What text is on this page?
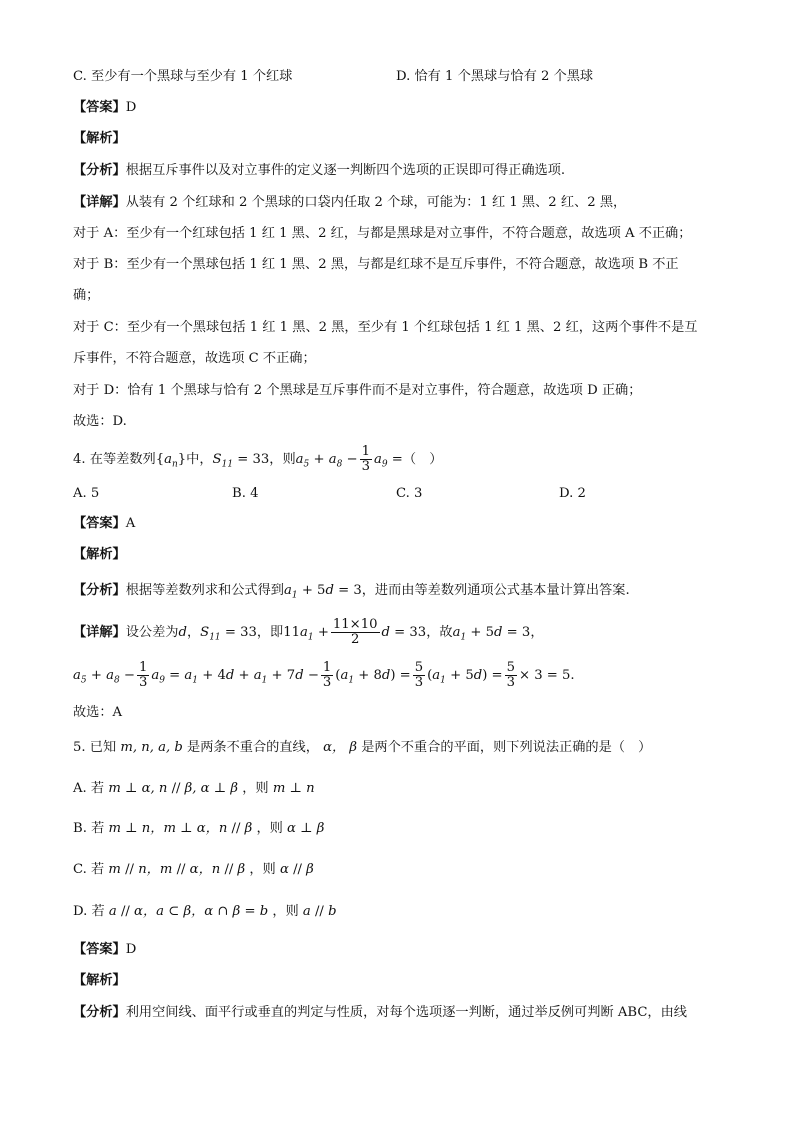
C. 至少有一个黑球与至少有 1 个红球	D. 恰有 1 个黑球与恰有 2 个黑球
【答案】D
【解析】
【分析】根据互斥事件以及对立事件的定义逐一判断四个选项的正误即可得正确选项.
【详解】从装有 2 个红球和 2 个黑球的口袋内任取 2 个球，可能为：1 红 1 黑、2 红、2 黑，
对于 A：至少有一个红球包括 1 红 1 黑、2 红，与都是黑球是对立事件，不符合题意，故选项 A 不正确；
对于 B：至少有一个黑球包括 1 红 1 黑、2 黑，与都是红球不是互斥事件，不符合题意，故选项 B 不正
确；
对于 C：至少有一个黑球包括 1 红 1 黑、2 黑，至少有 1 个红球包括 1 红 1 黑、2 红，这两个事件不是互
斥事件，不符合题意，故选项 C 不正确；
对于 D：恰有 1 个黑球与恰有 2 个黑球是互斥事件而不是对立事件，符合题意，故选项 D 正确；
故选：D.
4. 在等差数列$\{a_n\}$中，$S_{11} = 33$，则$a_5 + a_8 - \frac{1}{3} a_9$ =（　）
A. 5	B. 4	C. 3	D. 2
【答案】A
【解析】
【分析】根据等差数列求和公式得到$a_1 + 5d = 3$，进而由等差数列通项公式基本量计算出答案.
【详解】设公差为d，$S_{11} = 33$，即$11a_1 + \frac{11\times 10}{2}$ d = 33，故$a_1 + 5d = 3$，
$a_5 + a_8 - \frac{1}{3} a_9 = a_1 + 4d + a_1 + 7d - \frac{1}{3} (a_1 + 8d) = \frac{5}{3} (a_1 + 5d) = \frac{5}{3} \times 3 = 5$.
故选：A
5. 已知 m, n, a, b 是两条不重合的直线， α， β 是两个不重合的平面，则下列说法正确的是（　）
A. 若 m ⊥ α, n // β, α ⊥ β ，则 m ⊥ n
B. 若 m ⊥ n，m ⊥ α，n // β ，则 α ⊥ β
C. 若 m // n，m // α，n // β ，则 α // β
D. 若 a // α，a ⊂ β，α ∩ β = b ，则 a // b
【答案】D
【解析】
【分析】利用空间线、面平行或垂直的判定与性质，对每个选项逐一判断，通过举反例可判断 ABC，由线
